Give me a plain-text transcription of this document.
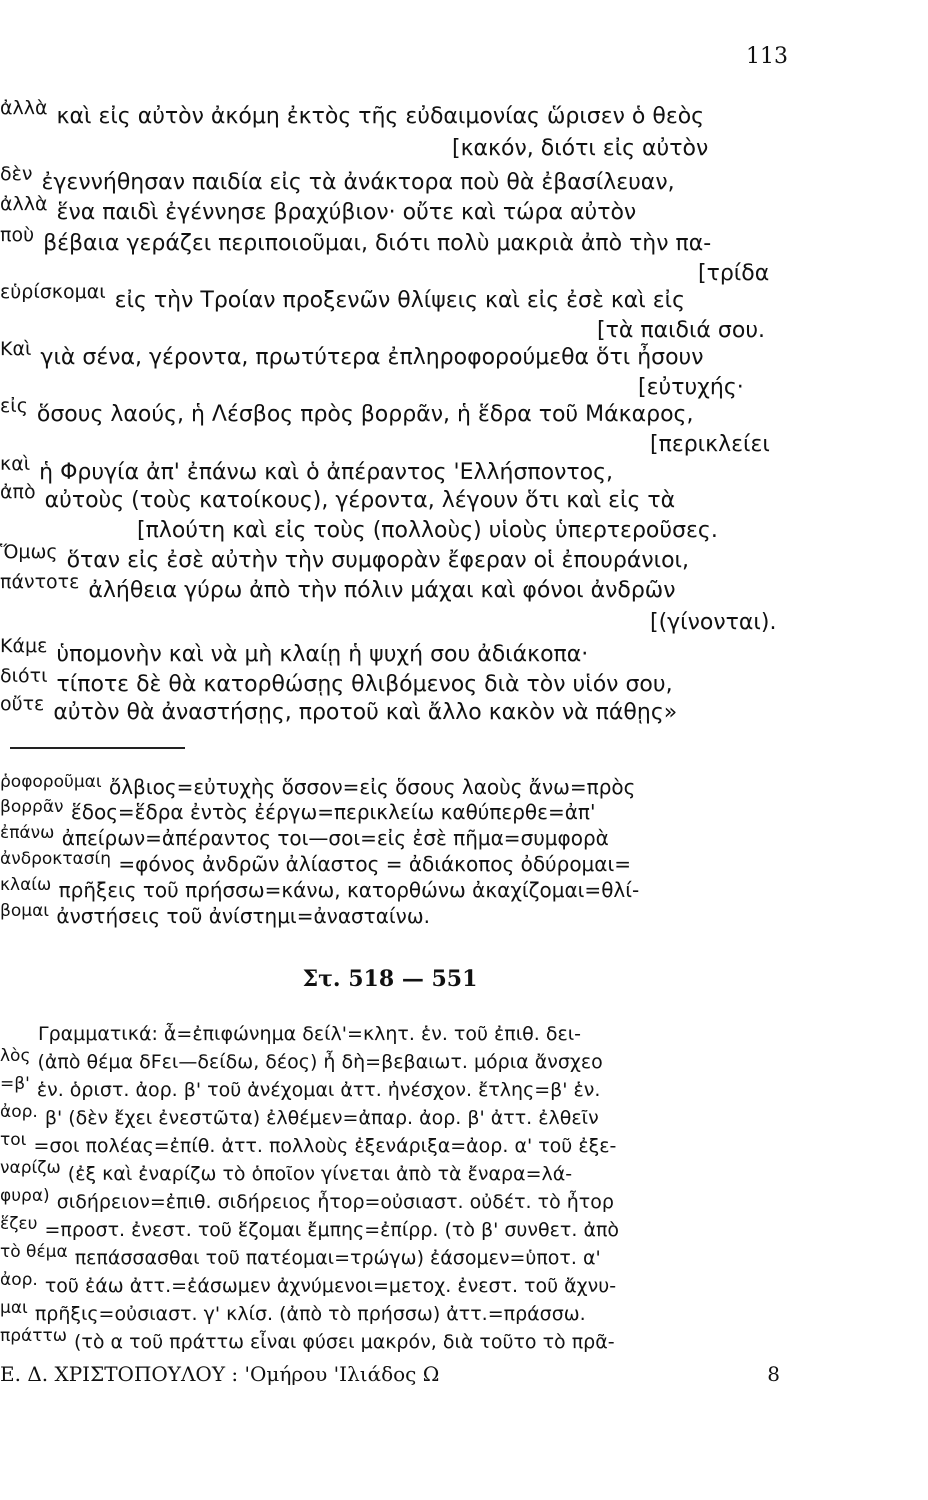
113
ἀλλὰ καὶ εἰς αὐτὸν ἀκόμη ἐκτὸς τῆς εὐδαιμονίας ὥρισεν ὁ θεὸς
[κακόν, διότι εἰς αὐτὸν
δὲν ἐγεννήθησαν παιδία εἰς τὰ ἀνάκτορα ποὺ θὰ ἐβασίλευαν,
ἀλλὰ ἕνα παιδὶ ἐγέννησε βραχύβιον· οὔτε καὶ τώρα αὐτὸν
ποὺ βέβαια γεράζει περιποιοῦμαι, διότι πολὺ μακριὰ ἀπὸ τὴν πα-
[τρίδα
εὑρίσκομαι εἰς τὴν Τροίαν προξενῶν θλίψεις καὶ εἰς ἐσὲ καὶ εἰς
[τὰ παιδιά σου.
Καὶ γιὰ σένα, γέροντα, πρωτύτερα ἐπληροφορούμεθα ὅτι ἦσουν
[εὐτυχής·
εἰς ὅσους λαούς, ἡ Λέσβος πρὸς βορρᾶν, ἡ ἕδρα τοῦ Μάκαρος,
[περικλείει
καὶ ἡ Φρυγία ἀπ' ἐπάνω καὶ ὁ ἀπέραντος 'Ελλήσποντος,
ἀπὸ αὐτοὺς (τοὺς κατοίκους), γέροντα, λέγουν ὅτι καὶ εἰς τὰ
[πλούτη καὶ εἰς τοὺς (πολλοὺς) υἱοὺς ὑπερτεροῦσες.
Ὅμως ὅταν εἰς ἐσὲ αὐτὴν τὴν συμφορὰν ἔφεραν οἱ ἐπουράνιοι,
πάντοτε ἀλήθεια γύρω ἀπὸ τὴν πόλιν μάχαι καὶ φόνοι ἀνδρῶν
[(γίνονται).
Κάμε ὑπομονὴν καὶ νὰ μὴ κλαίῃ ἡ ψυχή σου ἀδιάκοπα·
διότι τίποτε δὲ θὰ κατορθώσῃς θλιβόμενος διὰ τὸν υἱόν σου,
οὔτε αὐτὸν θὰ ἀναστήσῃς, προτοῦ καὶ ἄλλο κακὸν νὰ πάθῃς»
ῥοφοροῦμαι ὄλβιος=εὐτυχὴς ὅσσον=εἰς ὅσους λαοὺς ἄνω=πρὸς
βορρᾶν ἕδος=ἕδρα ἐντὸς ἐέργω=περικλείω καθύπερθε=ἀπ'
ἐπάνω ἀπείρων=ἀπέραντος τοι—σοι=εἰς ἐσὲ πῆμα=συμφορὰ
ἀνδροκτασίη =φόνος ἀνδρῶν ἀλίαστος = ἀδιάκοπος ὀδύρομαι=
κλαίω πρῆξεις τοῦ πρήσσω=κάνω, κατορθώνω ἀκαχίζομαι=θλί-
βομαι ἀνστήσεις τοῦ ἀνίστημι=ἀνασταίνω.
Στ. 518 — 551
Γραμματικά: ἆ=ἐπιφώνημα δείλ'=κλητ. ἑν. τοῦ ἐπιθ. δει-
λὸς (ἀπὸ θέμα δFει—δείδω, δέος) ἦ δὴ=βεβαιωτ. μόρια ἄνσχεο
=β' ἑν. ὁριστ. ἀορ. β' τοῦ ἀνέχομαι ἀττ. ἠνέσχον. ἔτλης=β' ἑν.
ἀορ. β' (δὲν ἔχει ἐνεστῶτα) ἐλθέμεν=ἀπαρ. ἀορ. β' ἀττ. ἐλθεῖν
τοι =σοι πολέας=ἐπίθ. ἀττ. πολλοὺς ἐξενάριξα=ἀορ. α' τοῦ ἐξε-
ναρίζω (ἐξ καὶ ἐναρίζω τὸ ὁποῖον γίνεται ἀπὸ τὰ ἔναρα=λά-
φυρα) σιδήρειον=ἐπιθ. σιδήρειος ἦτορ=οὐσιαστ. οὐδέτ. τὸ ἦτορ
ἕζευ =προστ. ἐνεστ. τοῦ ἕζομαι ἔμπης=ἐπίρρ. (τὸ β' συνθετ. ἀπὸ
τὸ θέμα πεπάσσασθαι τοῦ πατέομαι=τρώγω) ἐάσομεν=ὑποτ. α'
ἀορ. τοῦ ἐάω ἀττ.=ἐάσωμεν ἀχνύμενοι=μετοχ. ἐνεστ. τοῦ ἄχνυ-
μαι πρῆξις=οὐσιαστ. γ' κλίσ. (ἀπὸ τὸ πρήσσω) ἀττ.=πράσσω.
πράττω (τὸ α τοῦ πράττω εἶναι φύσει μακρόν, διὰ τοῦτο τὸ πρᾶ-
Ε. Δ. ΧΡΙΣΤΟΠΟΥΛΟΥ : 'Ομήρου 'Ιλιάδος Ω	8
